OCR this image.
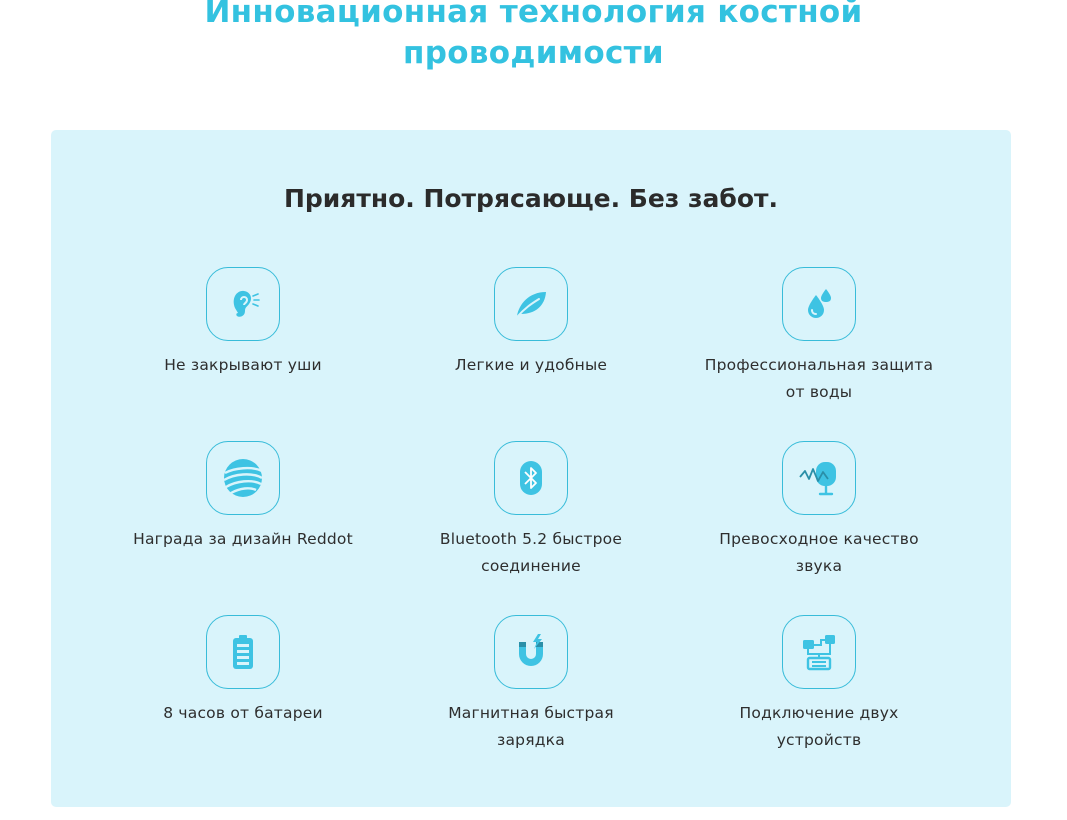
Инновационная технология костной
проводимости
Приятно. Потрясающе. Без забот.
Не закрывают уши	Легкие и удобные	Профессиональная защита
от воды
Награда за дизайн Reddot	Bluetooth 5.2 быстрое
соединение
Превосходное качество
звука
8 часов от батареи	Магнитная быстрая
зарядка
Подключение двух
устройств
